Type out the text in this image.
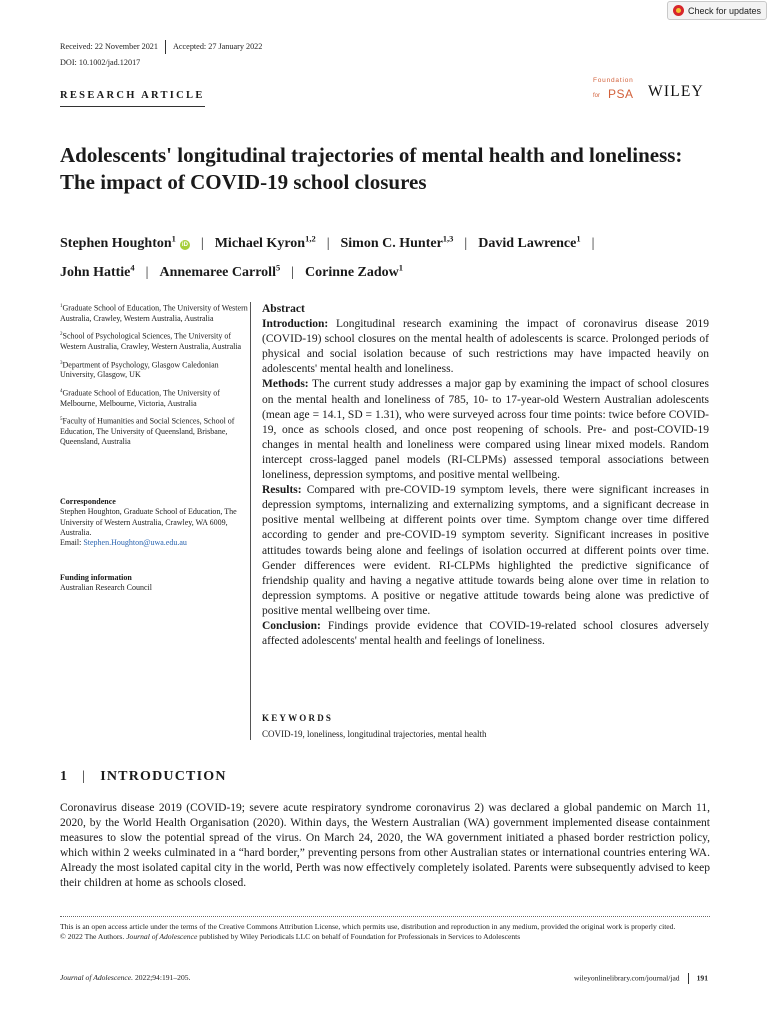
Received: 22 November 2021 Accepted: 27 January 2022
DOI: 10.1002/jad.12017
Check for updates
RESEARCH ARTICLE
Foundation
for PSA WILEY
Adolescents' longitudinal trajectories of mental health and loneliness: The impact of COVID-19 school closures
Stephen Houghton$^1$iD | Michael Kyron$^{1,2}$ | Simon C. Hunter$^{1,3}$ | David Lawrence$^1$ |
John Hattie$^4$ | Annemaree Carroll$^5$ | Corinne Zadow$^1$

$^1$Graduate School of Education, The University of Western Australia, Crawley, Western Australia, Australia

$^2$School of Psychological Sciences, The University of Western Australia, Crawley, Western Australia, Australia

$^3$Department of Psychology, Glasgow Caledonian University, Glasgow, UK

$^4$Graduate School of Education, The University of Melbourne, Melbourne, Victoria, Australia

$^5$Faculty of Humanities and Social Sciences, School of Education, The University of Queensland, Brisbane, Queensland, Australia

Correspondence
Stephen Houghton, Graduate School of Education, The University of Western Australia, Crawley, WA 6009, Australia.
Email: Stephen.Houghton@uwa.edu.au
Funding information
Australian Research Council

Abstract

Introduction: Longitudinal research examining the impact of coronavirus disease 2019 (COVID-19) school closures on the mental health of adolescents is scarce. Prolonged periods of physical and social isolation because of such restrictions may have impacted heavily on adolescents' mental health and loneliness.

Methods: The current study addresses a major gap by examining the impact of school closures on the mental health and loneliness of 785, 10- to 17-year-old Western Australian adolescents (mean age = 14.1, SD = 1.31), who were surveyed across four time points: twice before COVID-19, once as schools closed, and once post reopening of schools. Pre- and post-COVID-19 changes in mental health and loneliness were compared using linear mixed models. Random intercept cross-lagged panel models (RI-CLPMs) assessed temporal associations between loneliness, depression symptoms, and positive mental wellbeing.

Results: Compared with pre-COVID-19 symptom levels, there were significant increases in depression symptoms, internalizing and externalizing symptoms, and a significant decrease in positive mental wellbeing at different points over time. Symptom change over time differed according to gender and pre-COVID-19 symptom severity. Significant increases in positive attitudes towards being alone and feelings of isolation occurred at different points over time. Gender differences were evident. RI-CLPMs highlighted the predictive significance of friendship quality and having a negative attitude towards being alone over time in relation to depression symptoms. A positive or negative attitude towards being alone was predictive of positive mental wellbeing over time.

Conclusion: Findings provide evidence that COVID-19-related school closures adversely affected adolescents' mental health and feelings of loneliness.

KEYWORDS
COVID-19, loneliness, longitudinal trajectories, mental health
1 | INTRODUCTION

Coronavirus disease 2019 (COVID-19; severe acute respiratory syndrome coronavirus 2) was declared a global pandemic on March 11, 2020, by the World Health Organisation (2020). Within days, the Western Australian (WA) government implemented disease containment measures to slow the potential spread of the virus. On March 24, 2020, the WA government initiated a phased border restriction policy, which within 2 weeks culminated in a “hard border,” preventing persons from other Australian states or international countries entering WA. Already the most isolated capital city in the world, Perth was now effectively completely isolated. Parents were subsequently advised to keep their children at home as schools closed.

This is an open access article under the terms of the Creative Commons Attribution License, which permits use, distribution and reproduction in any medium, provided the original work is properly cited.
© 2022 The Authors. Journal of Adolescence published by Wiley Periodicals LLC on behalf of Foundation for Professionals in Services to Adolescents

Journal of Adolescence. 2022;94:191–205.	wileyonlinelibrary.com/journal/jad 191
